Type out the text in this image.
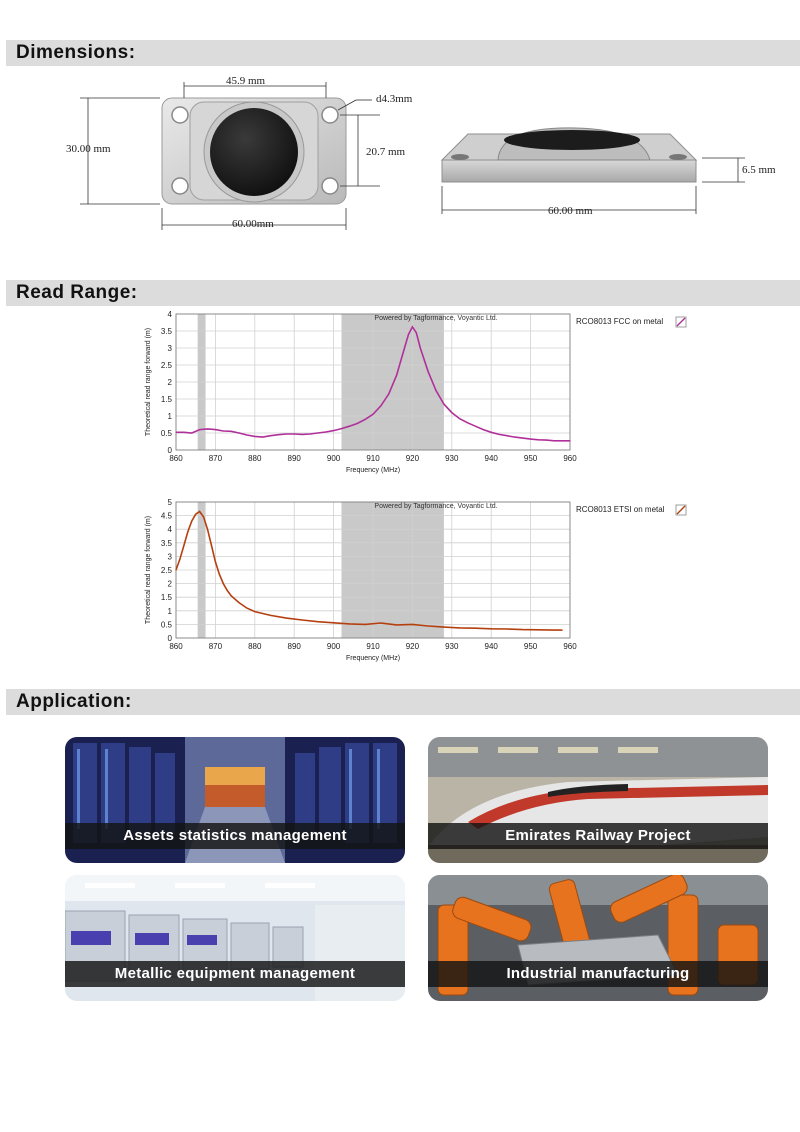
Dimensions:
45.9 mm
d4.3mm
30.00 mm	20.7 mm
60.00mm
6.5 mm
60.00 mm
Read Range:
860	870	880	890	900	910	920	930	940	950	960
0
0.5
1
1.5
2
2.5
3
3.5
4	Powered by Tagformance, Voyantic Ltd.
Frequency (MHz)
Theoretical read range forward (m)
RCO8013 FCC on metal
860	870	880	890	900	910	920	930	940	950	960
0
0.5
1
1.5
2
2.5
3
3.5
4
4.5
5	Powered by Tagformance, Voyantic Ltd.
Frequency (MHz)
Theoretical read range forward (m)
RCO8013 ETSI on metal
Application:
Assets statistics management	Emirates Railway Project
Metallic equipment management	Industrial manufacturing
